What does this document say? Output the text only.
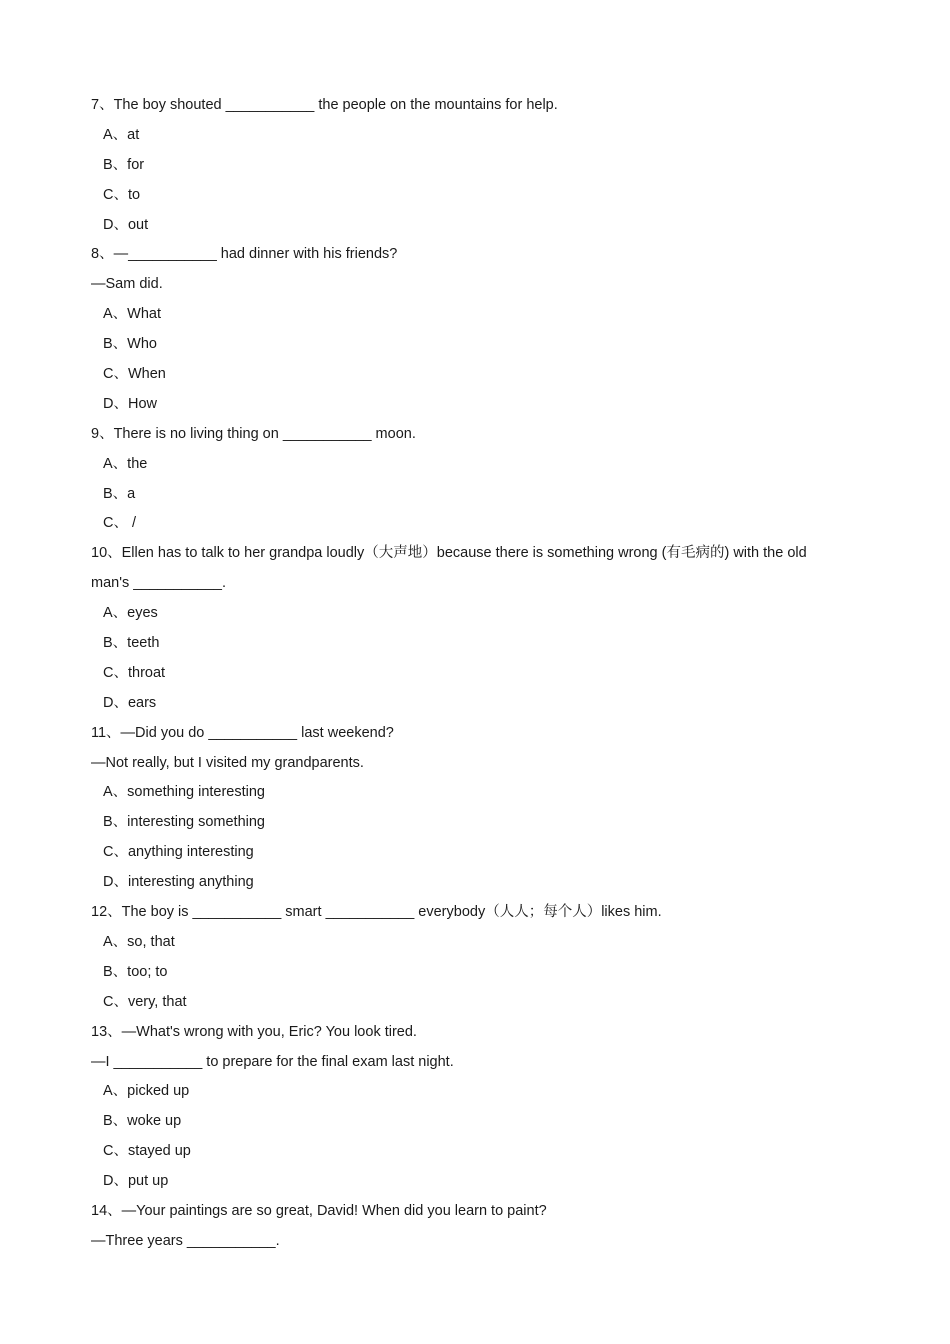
7、The boy shouted ___________ the people on the mountains for help.
A、at
B、for
C、to
D、out
8、—___________ had dinner with his friends?
—Sam did.
A、What
B、Who
C、When
D、How
9、There is no living thing on ___________ moon.
A、the
B、a
C、 /
10、Ellen has to talk to her grandpa loudly（大声地）because there is something wrong (有毛病的) with the old
man's ___________.
A、eyes
B、teeth
C、throat
D、ears
11、—Did you do ___________ last weekend?
—Not really, but I visited my grandparents.
A、something interesting
B、interesting something
C、anything interesting
D、interesting anything
12、The boy is ___________ smart ___________ everybody（人人；每个人）likes him.
A、so, that
B、too; to
C、very, that
13、—What's wrong with you, Eric? You look tired.
—I ___________ to prepare for the final exam last night.
A、picked up
B、woke up
C、stayed up
D、put up
14、—Your paintings are so great, David! When did you learn to paint?
—Three years ___________.
